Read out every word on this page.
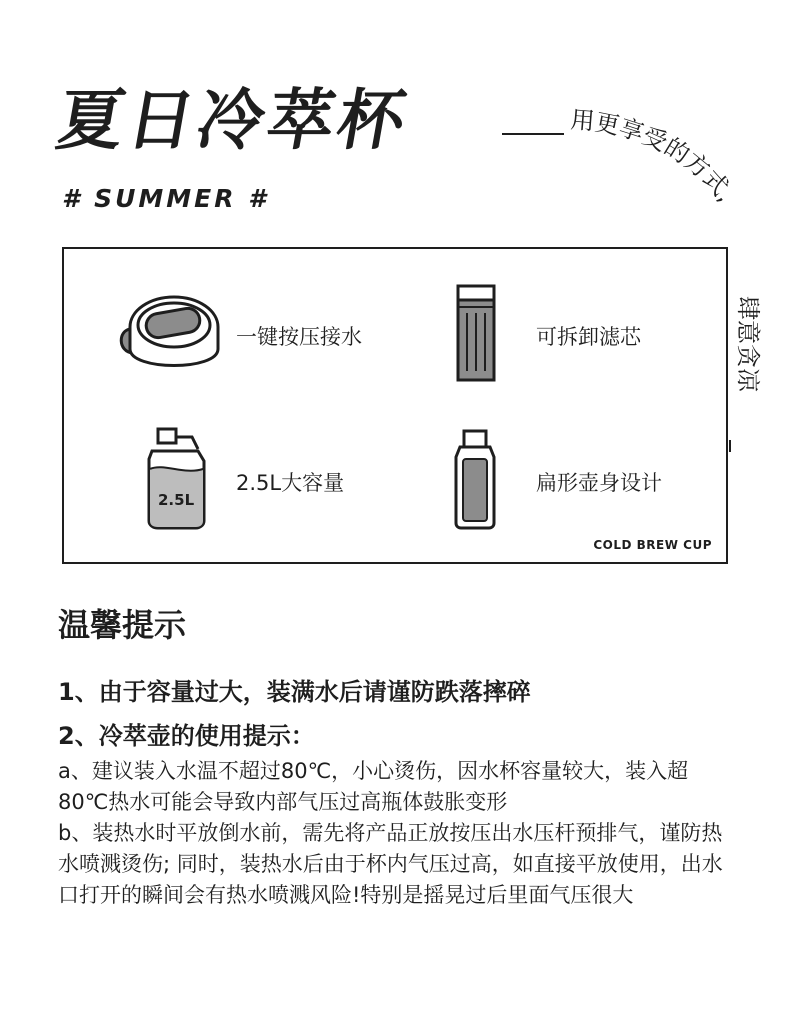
夏日冷萃杯
# SUMMER #
用更享受的方式,
肆意贪凉
一键按压接水	可拆卸滤芯
2.5L
2.5L大容量	扁形壶身设计
COLD BREW CUP
温馨提示
1、由于容量过大，装满水后请谨防跌落摔碎
2、冷萃壶的使用提示：
a、建议装入水温不超过80℃，小心烫伤，因水杯容量较大，装入超80℃热水可能会导致内部气压过高瓶体鼓胀变形
b、装热水时平放倒水前，需先将产品正放按压出水压杆预排气，谨防热水喷溅烫伤; 同时，装热水后由于杯内气压过高，如直接平放使用，出水口打开的瞬间会有热水喷溅风险!特别是摇晃过后里面气压很大
